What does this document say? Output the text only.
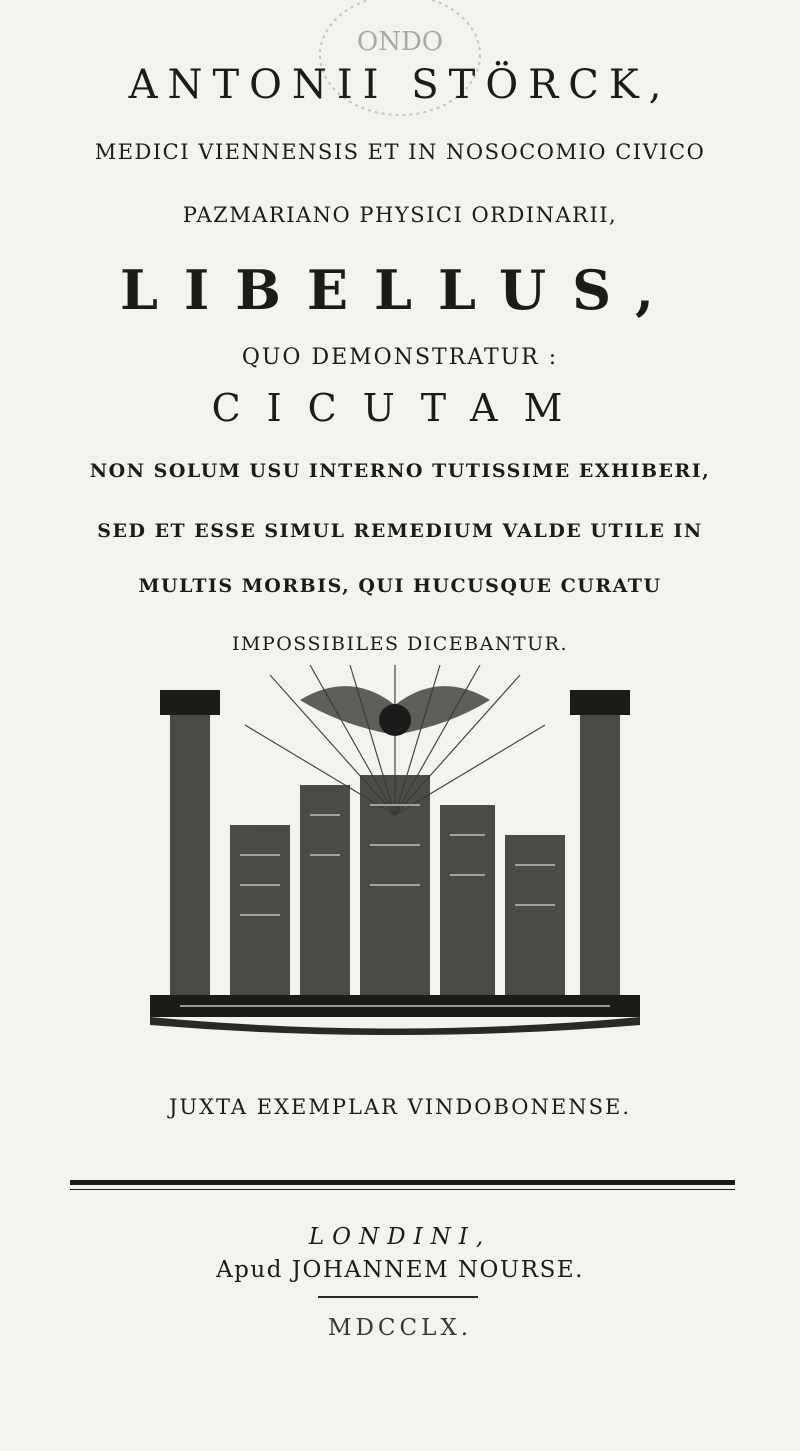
ONDO
ANTONII STÖRCK,
MEDICI VIENNENSIS ET IN NOSOCOMIO CIVICO
PAZMARIANO PHYSICI ORDINARII,
LIBELLUS,
QUO DEMONSTRATUR :
CICUTAM
NON SOLUM USU INTERNO TUTISSIME EXHIBERI,
SED ET ESSE SIMUL REMEDIUM VALDE UTILE IN
MULTIS MORBIS, QUI HUCUSQUE CURATU
IMPOSSIBILES DICEBANTUR.
JUXTA EXEMPLAR VINDOBONENSE.
LONDINI,
Apud JOHANNEM NOURSE.
MDCCLX.
